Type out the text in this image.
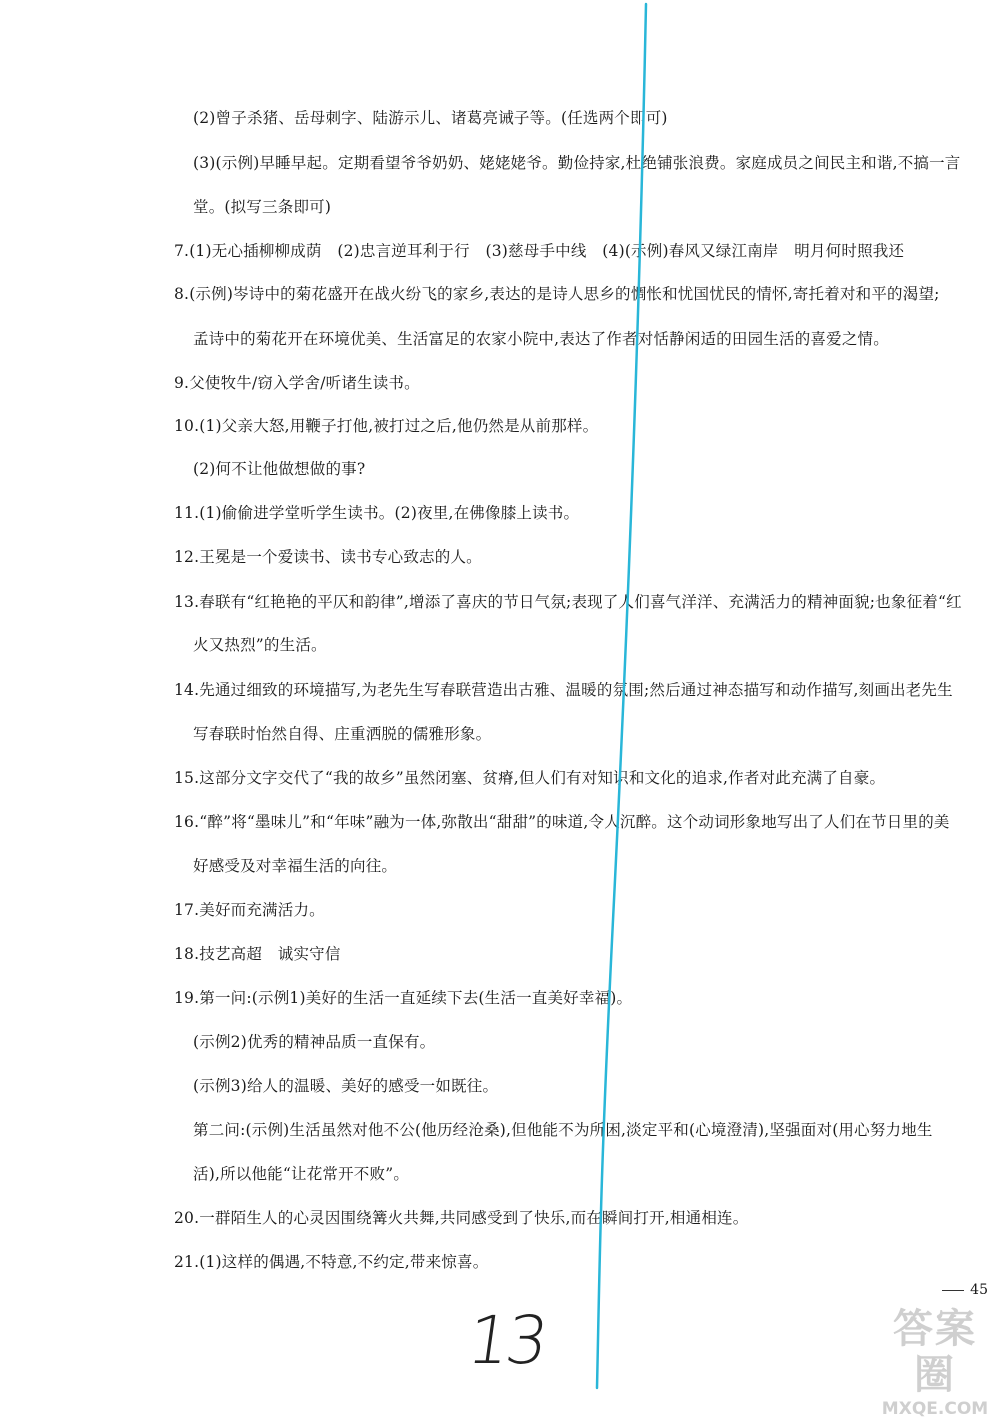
(2)曾子杀猪、岳母刺字、陆游示儿、诸葛亮诫子等。(任选两个即可)
(3)(示例)早睡早起。定期看望爷爷奶奶、姥姥姥爷。勤俭持家,杜绝铺张浪费。家庭成员之间民主和谐,不搞一言
堂。(拟写三条即可)
7.(1)无心插柳柳成荫　(2)忠言逆耳利于行　(3)慈母手中线　(4)(示例)春风又绿江南岸　明月何时照我还
8.(示例)岑诗中的菊花盛开在战火纷飞的家乡,表达的是诗人思乡的惆怅和忧国忧民的情怀,寄托着对和平的渴望;
孟诗中的菊花开在环境优美、生活富足的农家小院中,表达了作者对恬静闲适的田园生活的喜爱之情。
9.父使牧牛/窃入学舍/听诸生读书。
10.(1)父亲大怒,用鞭子打他,被打过之后,他仍然是从前那样。
(2)何不让他做想做的事?
11.(1)偷偷进学堂听学生读书。(2)夜里,在佛像膝上读书。
12.王冕是一个爱读书、读书专心致志的人。
13.春联有“红艳艳的平仄和韵律”,增添了喜庆的节日气氛;表现了人们喜气洋洋、充满活力的精神面貌;也象征着“红
火又热烈”的生活。
14.先通过细致的环境描写,为老先生写春联营造出古雅、温暖的氛围;然后通过神态描写和动作描写,刻画出老先生
写春联时怡然自得、庄重洒脱的儒雅形象。
15.这部分文字交代了“我的故乡”虽然闭塞、贫瘠,但人们有对知识和文化的追求,作者对此充满了自豪。
16.“醉”将“墨味儿”和“年味”融为一体,弥散出“甜甜”的味道,令人沉醉。这个动词形象地写出了人们在节日里的美
好感受及对幸福生活的向往。
17.美好而充满活力。
18.技艺高超　诚实守信
19.第一问:(示例1)美好的生活一直延续下去(生活一直美好幸福)。
(示例2)优秀的精神品质一直保有。
(示例3)给人的温暖、美好的感受一如既往。
第二问:(示例)生活虽然对他不公(他历经沧桑),但他能不为所困,淡定平和(心境澄清),坚强面对(用心努力地生
活),所以他能“让花常开不败”。
20.一群陌生人的心灵因围绕篝火共舞,共同感受到了快乐,而在瞬间打开,相通相连。
21.(1)这样的偶遇,不特意,不约定,带来惊喜。
45
13	答案圈
MXQE.COM
